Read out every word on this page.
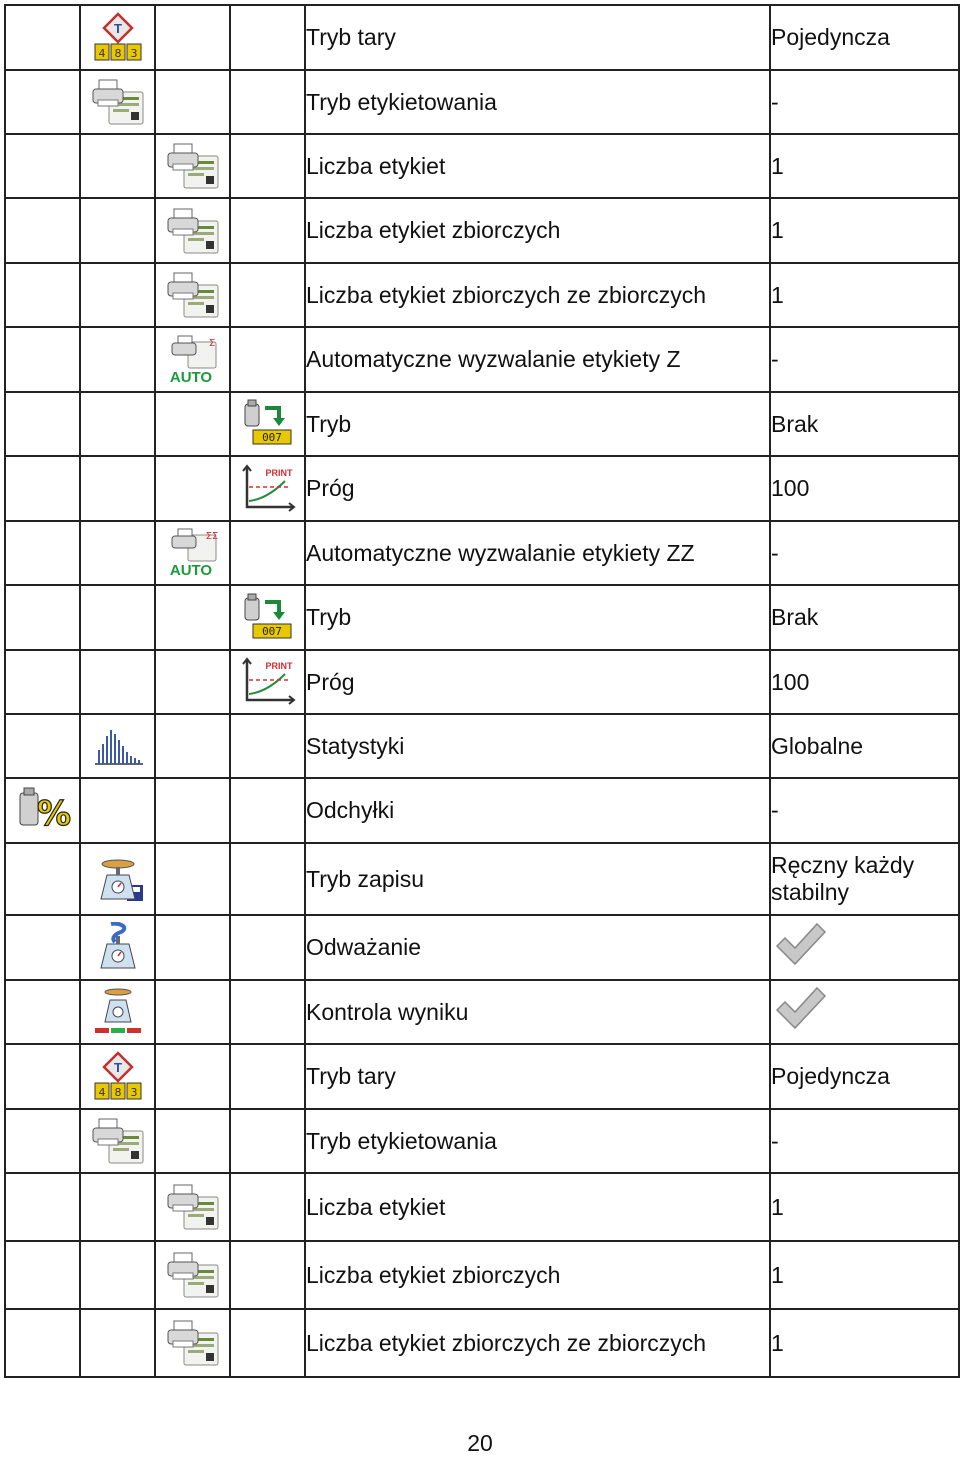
T
4 8 3			Tryb tary	Pojedyncza

			Tryb etykietowania	-

		Liczba etykiet	1

		Liczba etykiet zbiorczych	1

		Liczba etykiet zbiorczych ze zbiorczych	1

Σ
AUTO		Automatyczne wyzwalanie etykiety Z	-

007	Tryb	Brak

PRINT	Próg	100

ΣΣ
AUTO		Automatyczne wyzwalanie etykiety ZZ	-

007	Tryb	Brak

PRINT	Próg	100

			Statystyki	Globalne

%				Odchyłki	-

			Tryb zapisu	Ręczny każdy stabilny

			Odważanie	

			Kontrola wyniku	

T
4 8 3			Tryb tary	Pojedyncza

			Tryb etykietowania	-

		Liczba etykiet	1

		Liczba etykiet zbiorczych	1

		Liczba etykiet zbiorczych ze zbiorczych	1
20
